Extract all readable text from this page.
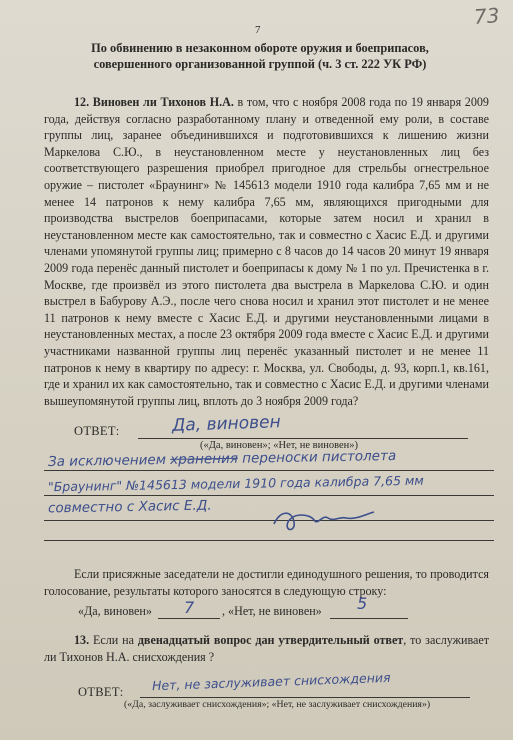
7
73
По обвинению в незаконном обороте оружия и боеприпасов,
совершенного организованной группой (ч. 3 ст. 222 УК РФ)
12. Виновен ли Тихонов Н.А. в том, что с ноября 2008 года по 19 января 2009 года, действуя согласно разработанному плану и отведенной ему роли, в составе группы лиц, заранее объединившихся и подготовившихся к лишению жизни Маркелова С.Ю., в неустановленном месте у неустановленных лиц без соответствующего разрешения приобрел пригодное для стрельбы огнестрельное оружие – пистолет «Браунинг» № 145613 модели 1910 года калибра 7,65 мм и не менее 14 патронов к нему калибра 7,65 мм, являющихся пригодными для производства выстрелов боеприпасами, которые затем носил и хранил в неустановленном месте как самостоятельно, так и совместно с Хасис Е.Д. и другими членами упомянутой группы лиц; примерно с 8 часов до 14 часов 20 минут 19 января 2009 года перенёс данный пистолет и боеприпасы к дому № 1 по ул. Пречистенка в г. Москве, где произвёл из этого пистолета два выстрела в Маркелова С.Ю. и один выстрел в Бабурову А.Э., после чего снова носил и хранил этот пистолет и не менее 11 патронов к нему вместе с Хасис Е.Д. и другими неустановленными лицами в неустановленных местах, а после 23 октября 2009 года вместе с Хасис Е.Д. и другими участниками названной группы лиц перенёс указанный пистолет и не менее 11 патронов к нему в квартиру по адресу: г. Москва, ул. Свободы, д. 93, корп.1, кв.161, где и хранил их как самостоятельно, так и совместно с Хасис Е.Д. и другими членами вышеупомянутой группы лиц, вплоть до 3 ноября 2009 года?
ОТВЕТ:	Да, виновен
(«Да, виновен»; «Нет, не виновен»)
За исключением хранения переноски пистолета
"Браунинг" №145613 модели 1910 года калибра 7,65 мм
совместно с Хасис Е.Д.
Если присяжные заседатели не достигли единодушного решения, то проводится голосование, результаты которого заносятся в следующую строку:
«Да, виновен» 7 , «Нет, не виновен» 5
13. Если на двенадцатый вопрос дан утвердительный ответ, то заслуживает ли Тихонов Н.А. снисхождения ?
ОТВЕТ: Нет, не заслуживает снисхождения
(«Да, заслуживает снисхождения»; «Нет, не заслуживает снисхождения»)
